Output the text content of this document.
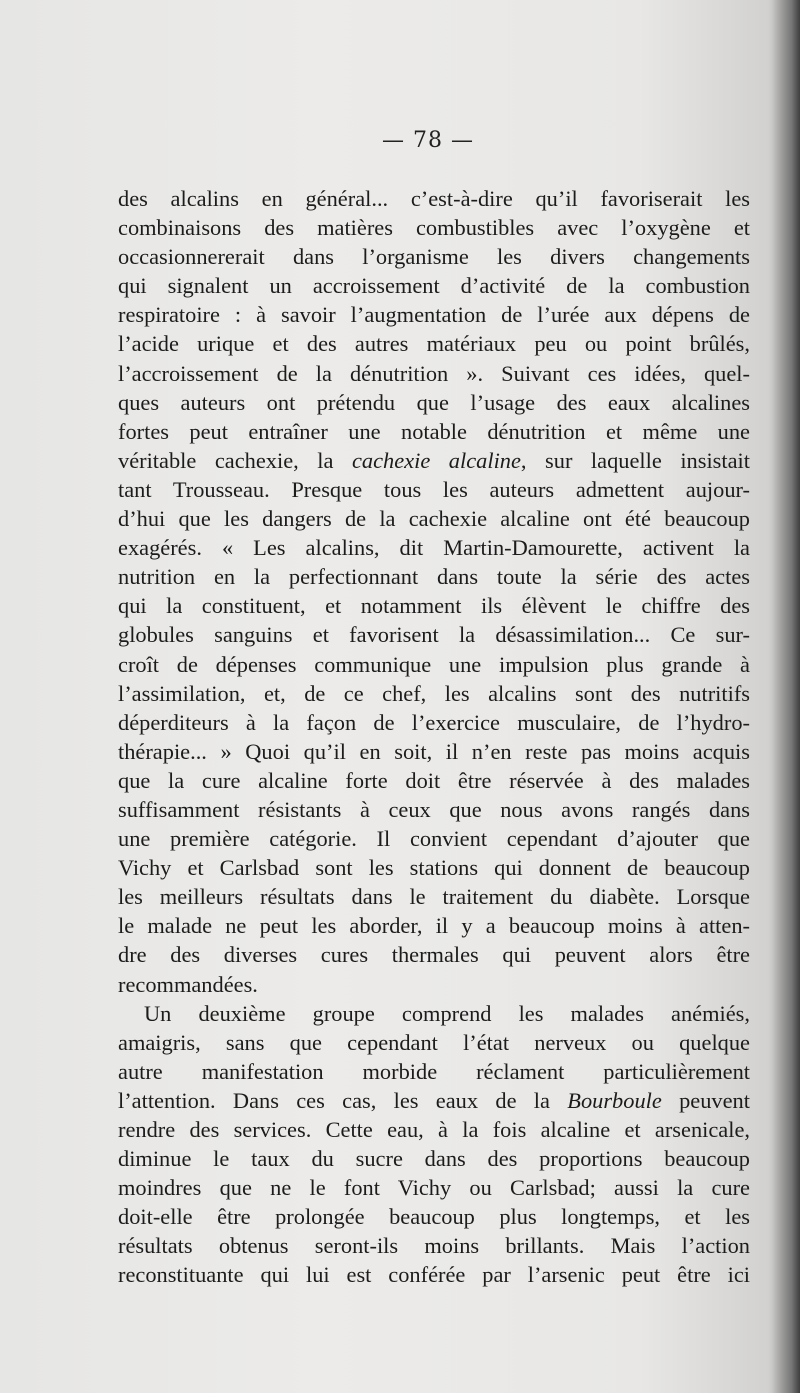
— 78 —
des alcalins en général... c’est-à-dire qu’il favoriserait les
combinaisons des matières combustibles avec l’oxygène et
occasionnererait dans l’organisme les divers changements
qui signalent un accroissement d’activité de la combustion
respiratoire : à savoir l’augmentation de l’urée aux dépens de
l’acide urique et des autres matériaux peu ou point brûlés,
l’accroissement de la dénutrition ». Suivant ces idées, quel-
ques auteurs ont prétendu que l’usage des eaux alcalines
fortes peut entraîner une notable dénutrition et même une
véritable cachexie, la cachexie alcaline, sur laquelle insistait
tant Trousseau. Presque tous les auteurs admettent aujour-
d’hui que les dangers de la cachexie alcaline ont été beaucoup
exagérés. « Les alcalins, dit Martin-Damourette, activent la
nutrition en la perfectionnant dans toute la série des actes
qui la constituent, et notamment ils élèvent le chiffre des
globules sanguins et favorisent la désassimilation... Ce sur-
croît de dépenses communique une impulsion plus grande à
l’assimilation, et, de ce chef, les alcalins sont des nutritifs
déperditeurs à la façon de l’exercice musculaire, de l’hydro-
thérapie... » Quoi qu’il en soit, il n’en reste pas moins acquis
que la cure alcaline forte doit être réservée à des malades
suffisamment résistants à ceux que nous avons rangés dans
une première catégorie. Il convient cependant d’ajouter que
Vichy et Carlsbad sont les stations qui donnent de beaucoup
les meilleurs résultats dans le traitement du diabète. Lorsque
le malade ne peut les aborder, il y a beaucoup moins à atten-
dre des diverses cures thermales qui peuvent alors être
recommandées.
Un deuxième groupe comprend les malades anémiés,
amaigris, sans que cependant l’état nerveux ou quelque
autre manifestation morbide réclament particulièrement
l’attention. Dans ces cas, les eaux de la Bourboule peuvent
rendre des services. Cette eau, à la fois alcaline et arsenicale,
diminue le taux du sucre dans des proportions beaucoup
moindres que ne le font Vichy ou Carlsbad; aussi la cure
doit-elle être prolongée beaucoup plus longtemps, et les
résultats obtenus seront-ils moins brillants. Mais l’action
reconstituante qui lui est conférée par l’arsenic peut être ici
